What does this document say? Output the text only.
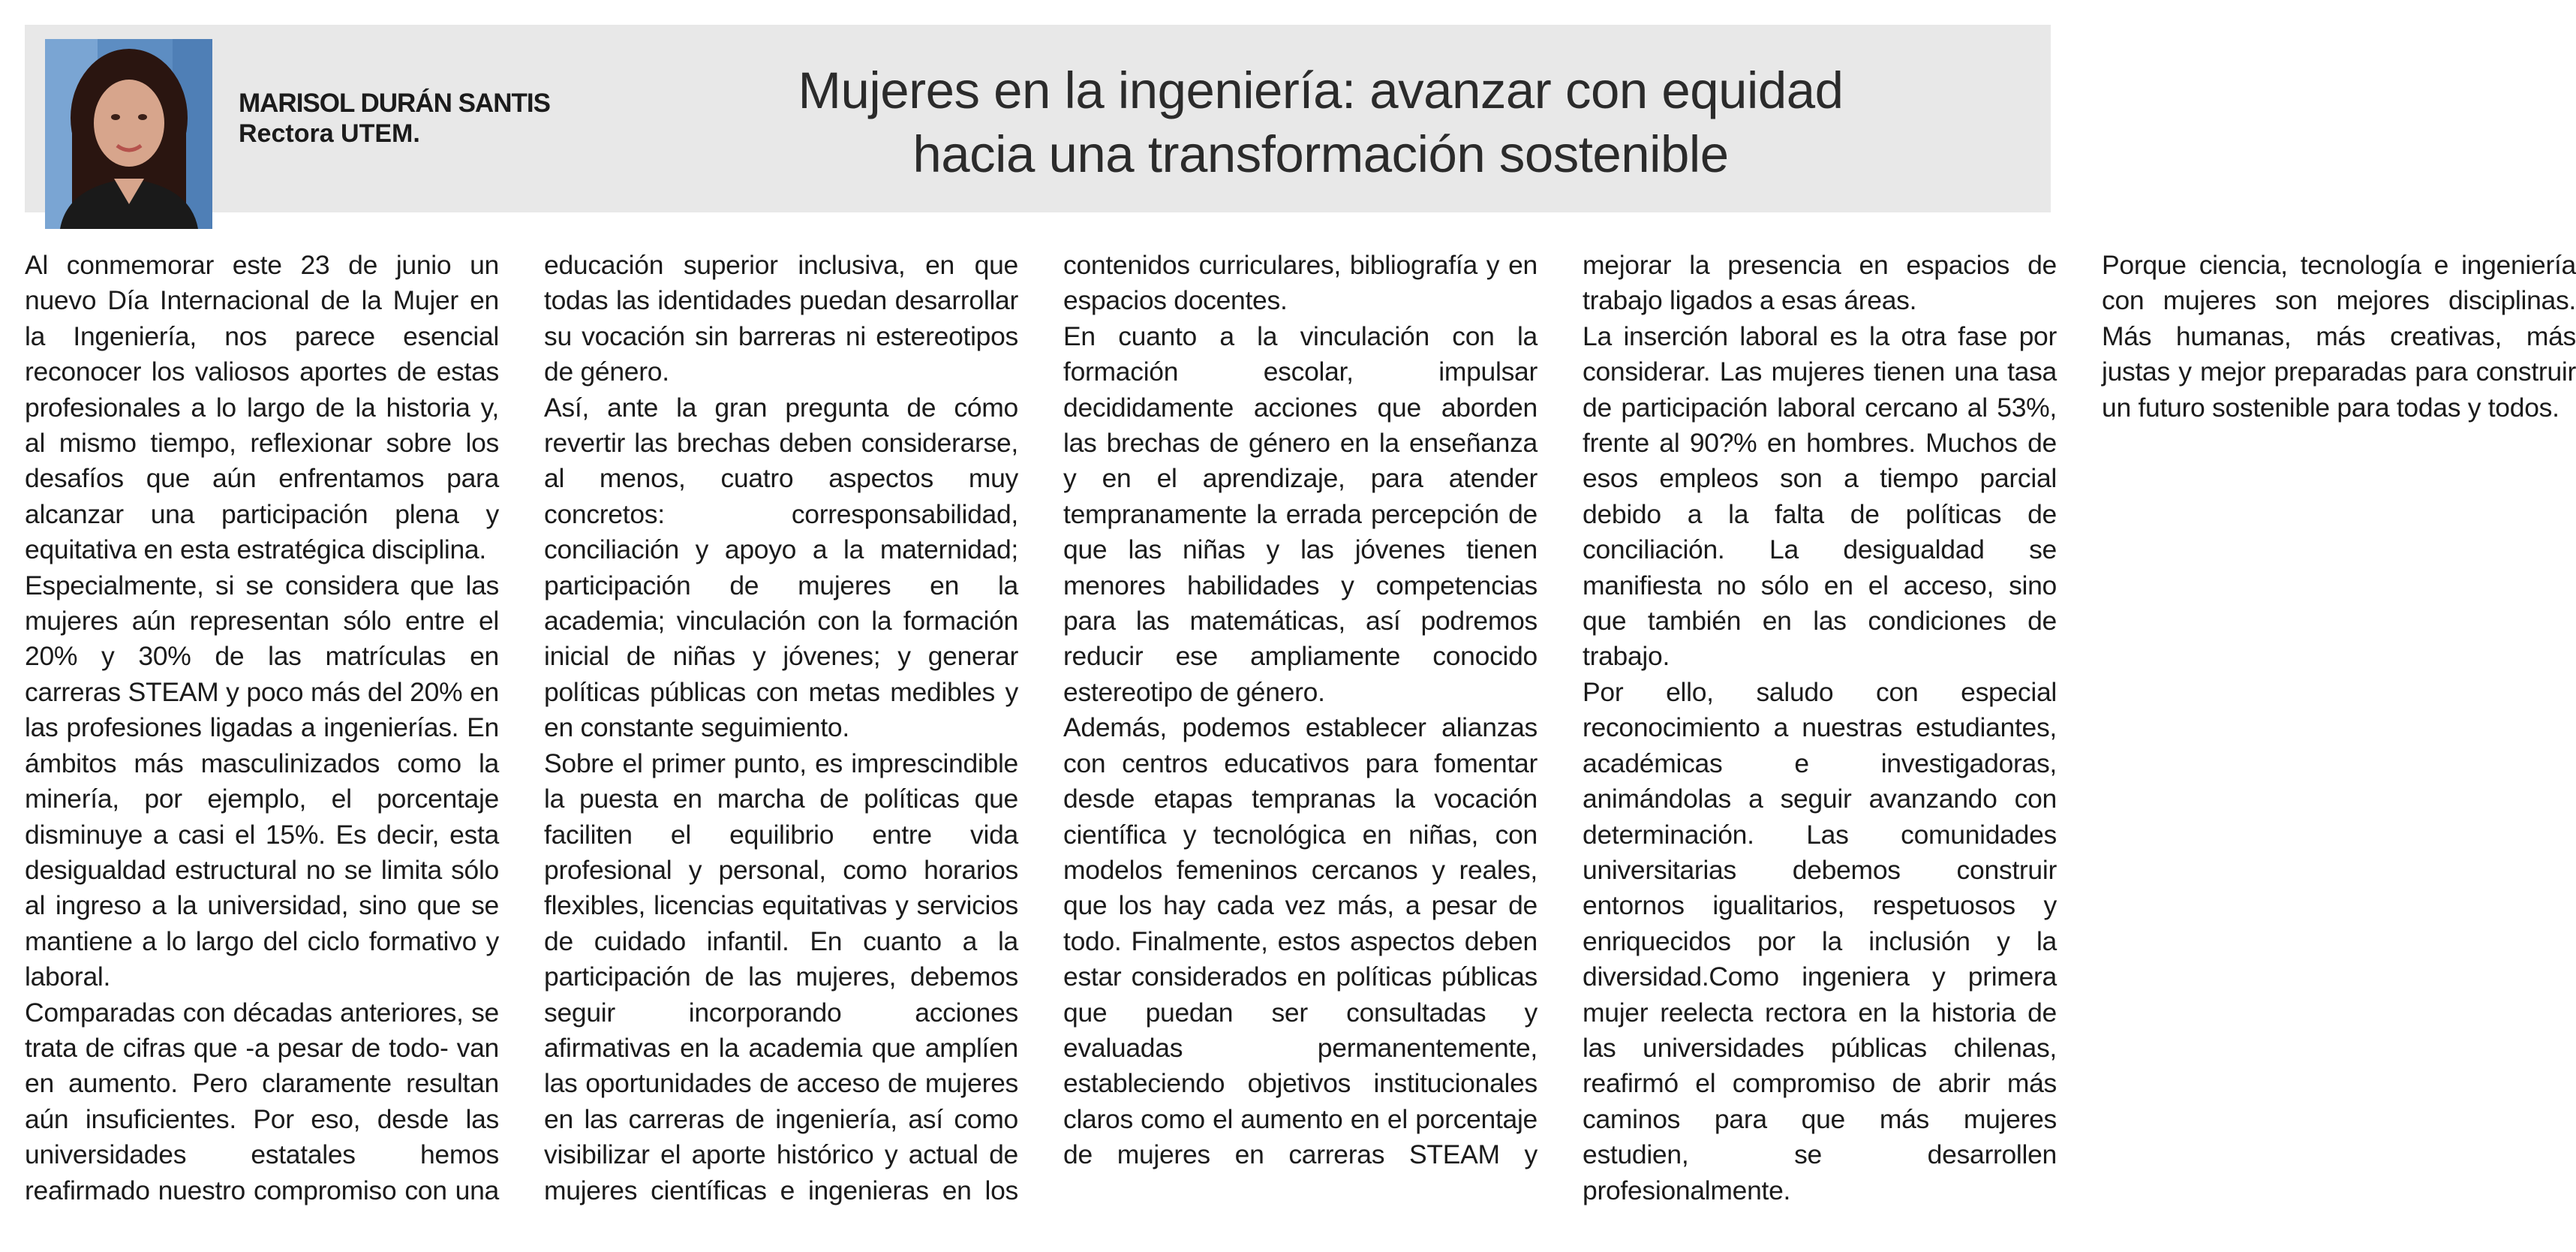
MARISOL DURÁN SANTIS
Rectora UTEM.
Mujeres en la ingeniería: avanzar con equidad
hacia una transformación sostenible

Al conmemorar este 23 de junio un nuevo Día Internacional de la Mujer en la Ingeniería, nos parece esencial reconocer los valiosos aportes de estas profesionales a lo largo de la historia y, al mismo tiempo, reflexionar sobre los desafíos que aún enfrentamos para alcanzar una participación plena y equitativa en esta estratégica disciplina.

Especialmente, si se considera que las mujeres aún representan sólo entre el 20% y 30% de las matrículas en carreras STEAM y poco más del 20% en las profesiones ligadas a ingenierías. En ámbitos más masculinizados como la minería, por ejemplo, el porcentaje disminuye a casi el 15%. Es decir, esta desigualdad estructural no se limita sólo al ingreso a la universidad, sino que se mantiene a lo largo del ciclo formativo y laboral.

Comparadas con décadas anteriores, se trata de cifras que -a pesar de todo- van en aumento. Pero claramente resultan aún insuficientes. Por eso, desde las universidades estatales hemos reafirmado nuestro compromiso con una educación superior inclusiva, en que todas las identidades puedan desarrollar su vocación sin barreras ni estereotipos de género.

Así, ante la gran pregunta de cómo revertir las brechas deben considerarse, al menos, cuatro aspectos muy concretos: corresponsabilidad, conciliación y apoyo a la maternidad; participación de mujeres en la academia; vinculación con la formación inicial de niñas y jóvenes; y generar políticas públicas con metas medibles y en constante seguimiento.

Sobre el primer punto, es imprescindible la puesta en marcha de políticas que faciliten el equilibrio entre vida profesional y personal, como horarios flexibles, licencias equitativas y servicios de cuidado infantil. En cuanto a la participación de las mujeres, debemos seguir incorporando acciones afirmativas en la academia que amplíen las oportunidades de acceso de mujeres en las carreras de ingeniería, así como visibilizar el aporte histórico y actual de mujeres científicas e ingenieras en los contenidos curriculares, bibliografía y en espacios docentes.

En cuanto a la vinculación con la formación escolar, impulsar decididamente acciones que aborden las brechas de género en la enseñanza y en el aprendizaje, para atender tempranamente la errada percepción de que las niñas y las jóvenes tienen menores habilidades y competencias para las matemáticas, así podremos reducir ese ampliamente conocido estereotipo de género.

Además, podemos establecer alianzas con centros educativos para fomentar desde etapas tempranas la vocación científica y tecnológica en niñas, con modelos femeninos cercanos y reales, que los hay cada vez más, a pesar de todo. Finalmente, estos aspectos deben estar considerados en políticas públicas que puedan ser consultadas y evaluadas permanentemente, estableciendo objetivos institucionales claros como el aumento en el porcentaje de mujeres en carreras STEAM y mejorar la presencia en espacios de trabajo ligados a esas áreas.

La inserción laboral es la otra fase por considerar. Las mujeres tienen una tasa de participación laboral cercano al 53%, frente al 90?% en hombres. Muchos de esos empleos son a tiempo parcial debido a la falta de políticas de conciliación. La desigualdad se manifiesta no sólo en el acceso, sino que también en las condiciones de trabajo.

Por ello, saludo con especial reconocimiento a nuestras estudiantes, académicas e investigadoras, animándolas a seguir avanzando con determinación. Las comunidades universitarias debemos construir entornos igualitarios, respetuosos y enriquecidos por la inclusión y la diversidad.Como ingeniera y primera mujer reelecta rectora en la historia de las universidades públicas chilenas, reafirmó el compromiso de abrir más caminos para que más mujeres estudien, se desarrollen profesionalmente.

Porque ciencia, tecnología e ingeniería con mujeres son mejores disciplinas. Más humanas, más creativas, más justas y mejor preparadas para construir un futuro sostenible para todas y todos.
